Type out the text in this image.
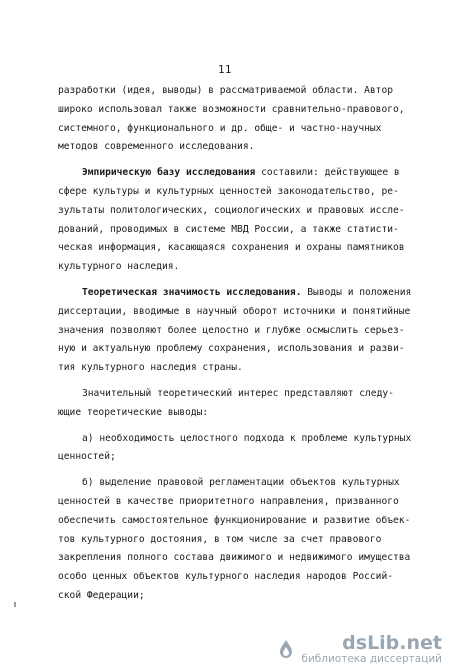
11
разработки (идея, выводы) в рассматриваемой области. Автор
широко использовал также возможности сравнительно-правового,
системного, функционального и др. обще- и частно-научных
методов современного исследования.
Эмпирическую базу исследования составили: действующее в
сфере культуры и культурных ценностей законодательство, ре-
зультаты политологических, социологических и правовых иссле-
дований, проводимых в системе МВД России, а также статисти-
ческая информация, касающаяся сохранения и охраны памятников
культурного наследия.
Теоретическая значимость исследования. Выводы и положения
диссертации, вводимые в научный оборот источники и понятийные
значения позволяют более целостно и глубже осмыслить серьез-
ную и актуальную проблему сохранения, использования и разви-
тия культурного наследия страны.
Значительный теоретический интерес представляют следу-
ющие теоретические выводы:
а) необходимость целостного подхода к проблеме культурных
ценностей;
б) выделение правовой регламентации объектов культурных
ценностей в качестве приоритетного направления, призванного
обеспечить самостоятельное функционирование и развитие объек-
тов культурного достояния, в том числе за счет правового
закрепления полного состава движимого и недвижимого имущества
особо ценных объектов культурного наследия народов Россий-
ской Федерации;
dsLib.net
библиотека диссертаций
